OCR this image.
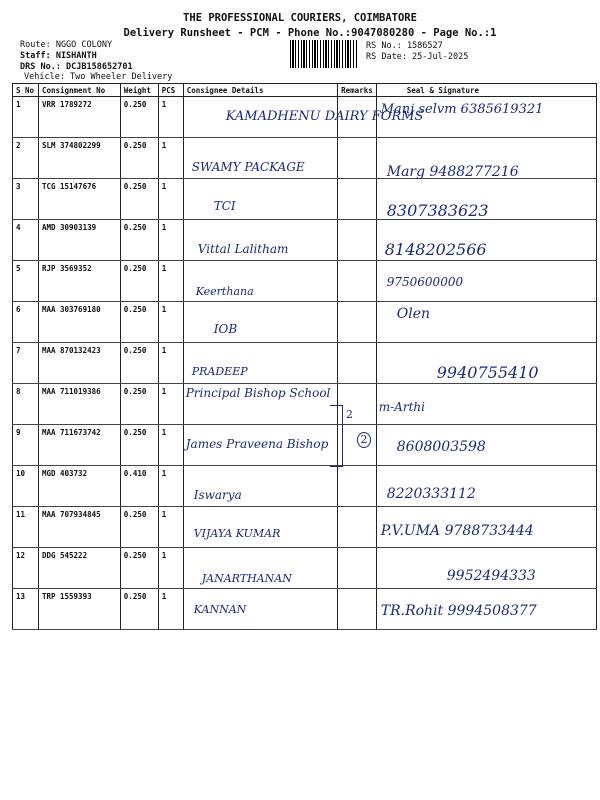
THE PROFESSIONAL COURIERS, COIMBATORE
Delivery Runsheet - PCM - Phone No.:9047080280 - Page No.:1
Route: NGGO COLONY
Staff: NISHANTH
DRS No.: DCJB158652701
Vehicle: Two Wheeler Delivery
RS No.: 1586527
RS Date: 25-Jul-2025
S No	Consignment No	Weight	PCS	Consignee Details	Remarks	Seal & Signature
1	VRR 1789272	0.250	1	KAMADHENU DAIRY FORMS		Manj selvm 6385619321

2	SLM 374802299	0.250	1	SWAMY PACKAGE		Marg 9488277216

3	TCG 15147676	0.250	1	TCI		8307383623

4	AMD 30903139	0.250	1	Vittal Lalitham		8148202566

5	RJP 3569352	0.250	1	Keerthana		9750600000

6	MAA 303769180	0.250	1	IOB		Olen

7	MAA 870132423	0.250	1	PRADEEP		9940755410

8	MAA 711019386	0.250	1	Principal Bishop School		m-Arthi

9	MAA 711673742	0.250	1	James Praveena Bishop		8608003598

10	MGD 403732	0.410	1	Iswarya		8220333112

11	MAA 707934845	0.250	1	VIJAYA KUMAR		P.V.UMA 9788733444

12	DDG 545222	0.250	1	JANARTHANAN		9952494333

13	TRP 1559393	0.250	1	KANNAN		TR.Rohit 9994508377
2
2
